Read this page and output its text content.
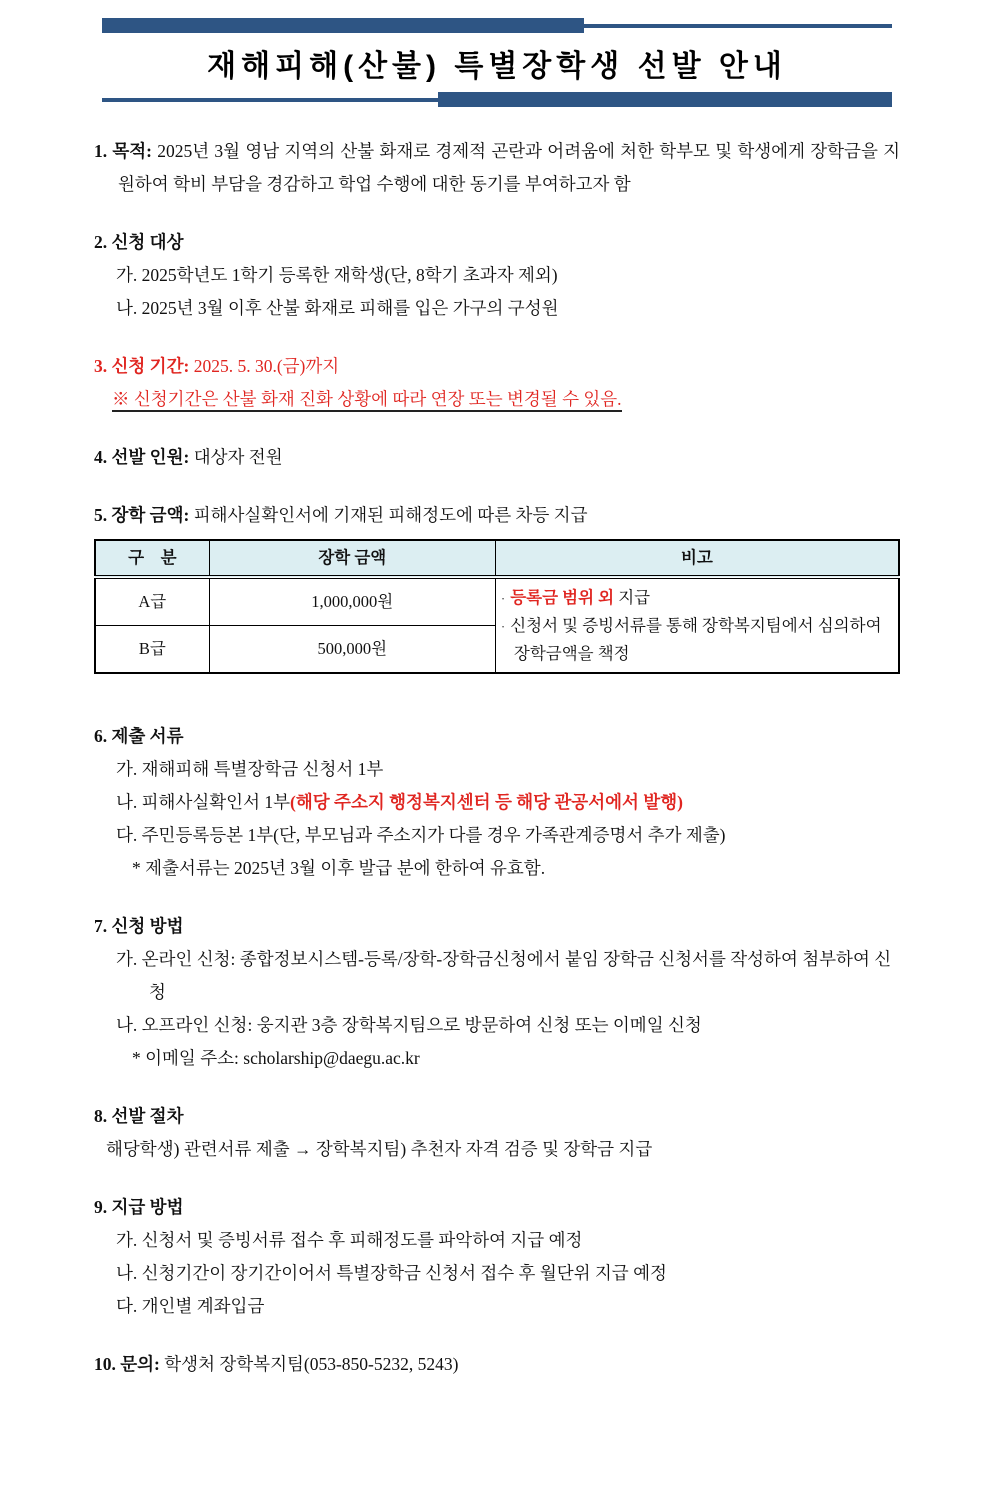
재해피해(산불) 특별장학생 선발 안내
1. 목적: 2025년 3월 영남 지역의 산불 화재로 경제적 곤란과 어려움에 처한 학부모 및 학생에게 장학금을 지원하여 학비 부담을 경감하고 학업 수행에 대한 동기를 부여하고자 함
2. 신청 대상
가. 2025학년도 1학기 등록한 재학생(단, 8학기 초과자 제외)
나. 2025년 3월 이후 산불 화재로 피해를 입은 가구의 구성원
3. 신청 기간: 2025. 5. 30.(금)까지
※ 신청기간은 산불 화재 진화 상황에 따라 연장 또는 변경될 수 있음.
4. 선발 인원: 대상자 전원
5. 장학 금액: 피해사실확인서에 기재된 피해정도에 따른 차등 지급
구　분	장학 금액	비고
A급	1,000,000원	· 등록금 범위 외 지급
· 신청서 및 증빙서류를 통해 장학복지팀에서 심의하여 장학금액을 책정

B급	500,000원	
6. 제출 서류
가. 재해피해 특별장학금 신청서 1부
나. 피해사실확인서 1부(해당 주소지 행정복지센터 등 해당 관공서에서 발행)
다. 주민등록등본 1부(단, 부모님과 주소지가 다를 경우 가족관계증명서 추가 제출)
* 제출서류는 2025년 3월 이후 발급 분에 한하여 유효함.
7. 신청 방법
가. 온라인 신청: 종합정보시스템-등록/장학-장학금신청에서 붙임 장학금 신청서를 작성하여 첨부하여 신청
나. 오프라인 신청: 웅지관 3층 장학복지팀으로 방문하여 신청 또는 이메일 신청
* 이메일 주소: scholarship@daegu.ac.kr
8. 선발 절차
해당학생) 관련서류 제출 → 장학복지팀) 추천자 자격 검증 및 장학금 지급
9. 지급 방법
가. 신청서 및 증빙서류 접수 후 피해정도를 파악하여 지급 예정
나. 신청기간이 장기간이어서 특별장학금 신청서 접수 후 월단위 지급 예정
다. 개인별 계좌입금
10. 문의: 학생처 장학복지팀(053-850-5232, 5243)
